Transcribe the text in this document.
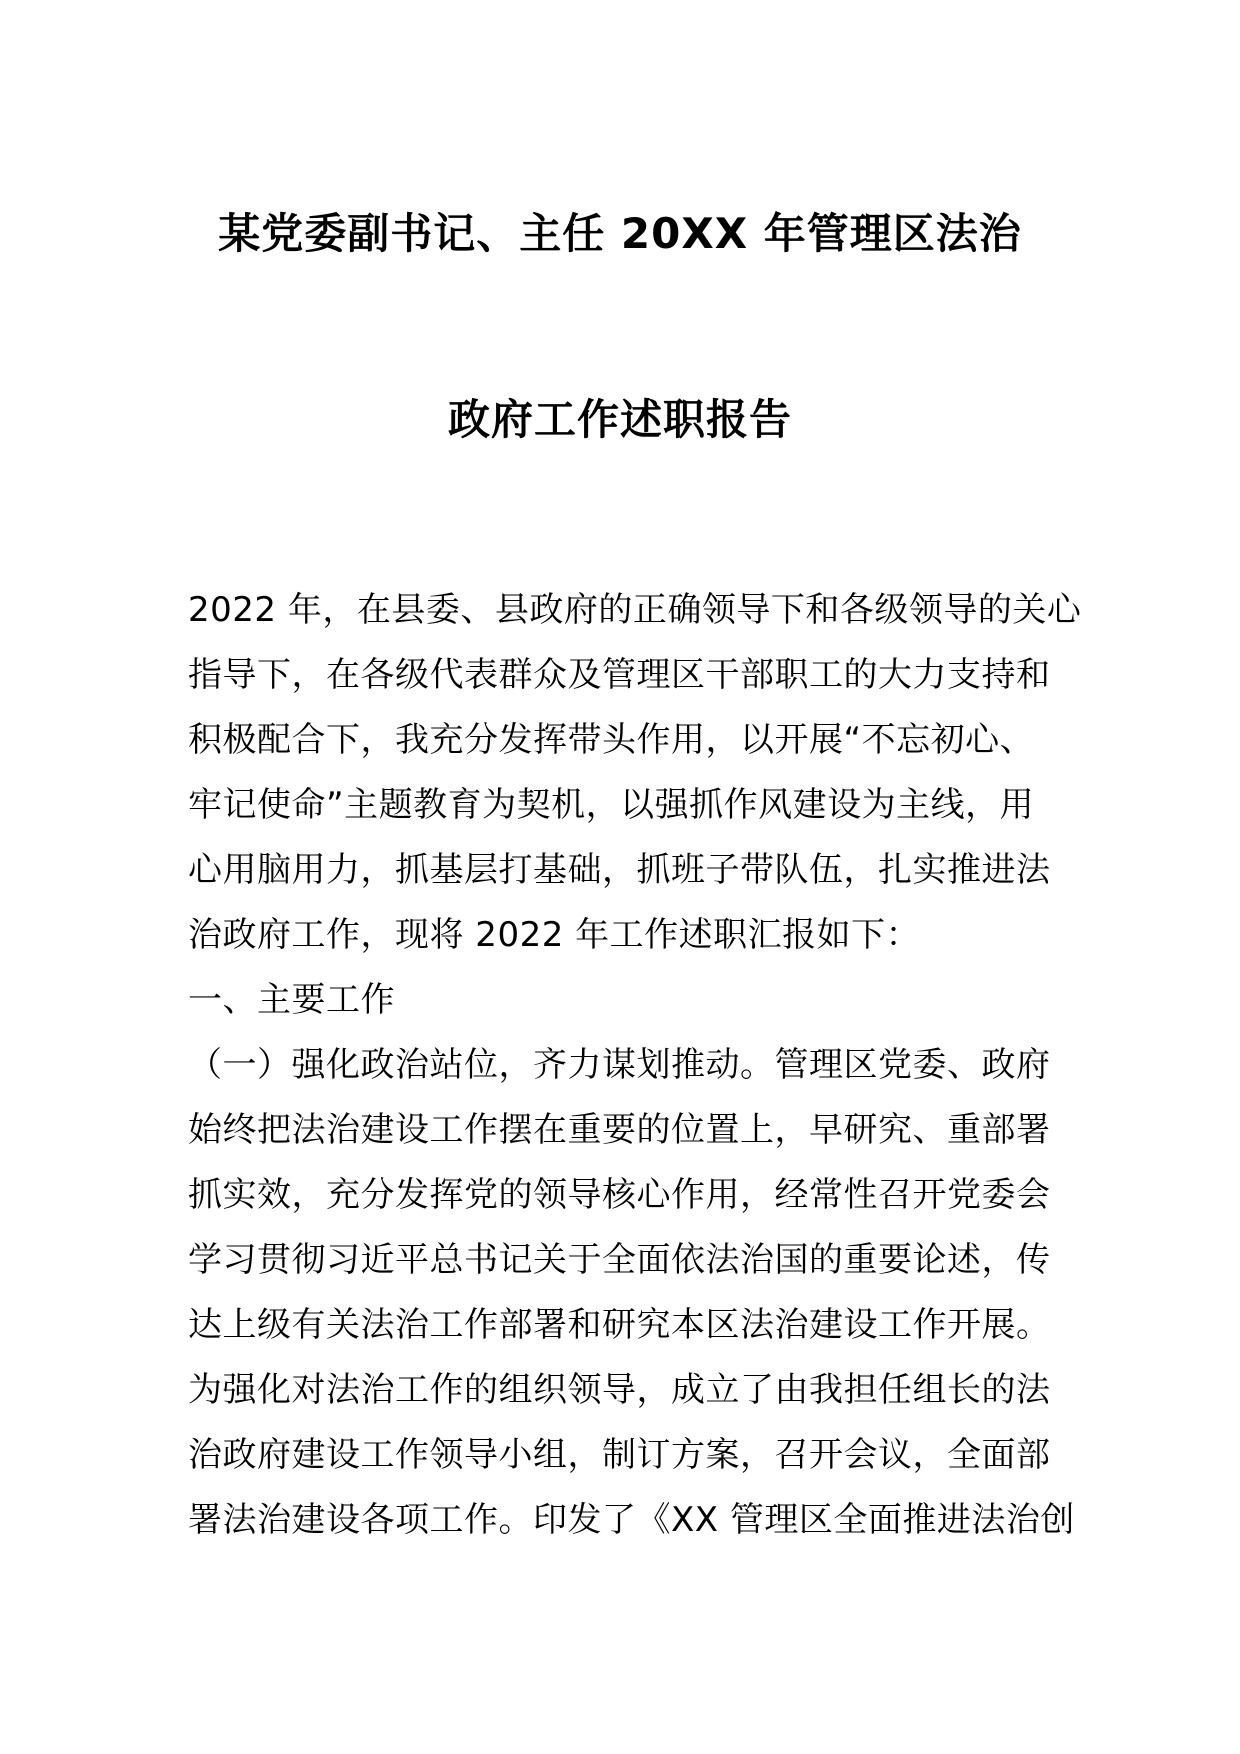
某党委副书记、主任 20XX 年管理区法治
政府工作述职报告
2022 年，在县委、县政府的正确领导下和各级领导的关心
指导下，在各级代表群众及管理区干部职工的大力支持和
积极配合下，我充分发挥带头作用，以开展“不忘初心、
牢记使命”主题教育为契机，以强抓作风建设为主线，用
心用脑用力，抓基层打基础，抓班子带队伍，扎实推进法
治政府工作，现将 2022 年工作述职汇报如下：
一、主要工作
（一）强化政治站位，齐力谋划推动。管理区党委、政府
始终把法治建设工作摆在重要的位置上，早研究、重部署
抓实效，充分发挥党的领导核心作用，经常性召开党委会
学习贯彻习近平总书记关于全面依法治国的重要论述，传
达上级有关法治工作部署和研究本区法治建设工作开展。
为强化对法治工作的组织领导，成立了由我担任组长的法
治政府建设工作领导小组，制订方案，召开会议，全面部
署法治建设各项工作。印发了《XX 管理区全面推进法治创
